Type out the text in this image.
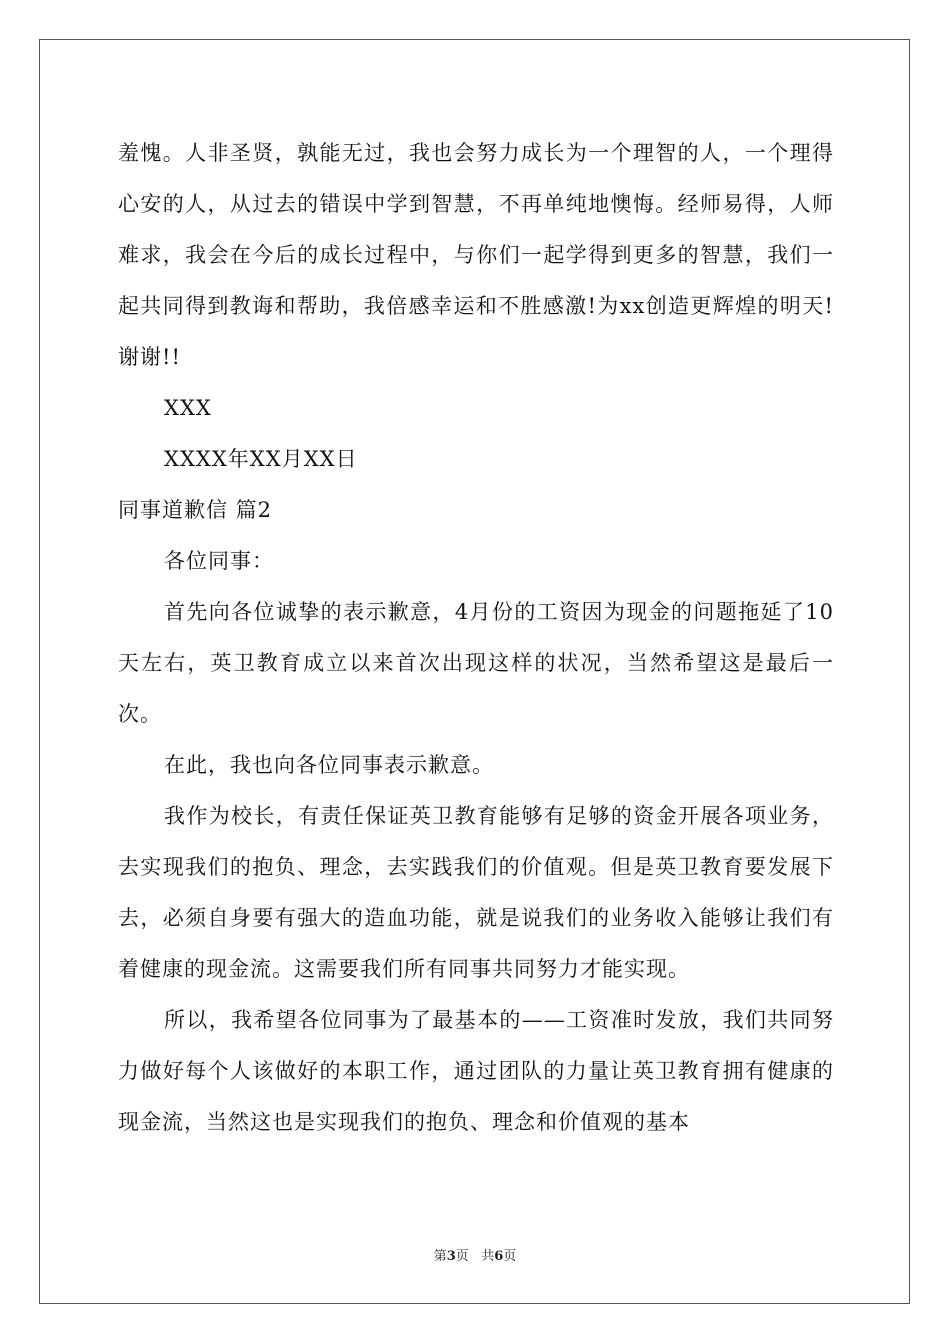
羞愧。人非圣贤，孰能无过，我也会努力成长为一个理智的人，一个理得心安的人，从过去的错误中学到智慧，不再单纯地懊悔。经师易得，人师难求，我会在今后的成长过程中，与你们一起学得到更多的智慧，我们一起共同得到教诲和帮助，我倍感幸运和不胜感激!为xx创造更辉煌的明天!谢谢!!

XXX

XXXX年XX月XX日

同事道歉信 篇2

各位同事：

首先向各位诚挚的表示歉意，4月份的工资因为现金的问题拖延了10天左右，英卫教育成立以来首次出现这样的状况，当然希望这是最后一次。

在此，我也向各位同事表示歉意。

我作为校长，有责任保证英卫教育能够有足够的资金开展各项业务，去实现我们的抱负、理念，去实践我们的价值观。但是英卫教育要发展下去，必须自身要有强大的造血功能，就是说我们的业务收入能够让我们有着健康的现金流。这需要我们所有同事共同努力才能实现。

所以，我希望各位同事为了最基本的——工资准时发放，我们共同努力做好每个人该做好的本职工作，通过团队的力量让英卫教育拥有健康的现金流，当然这也是实现我们的抱负、理念和价值观的基本

第3页 共6页
